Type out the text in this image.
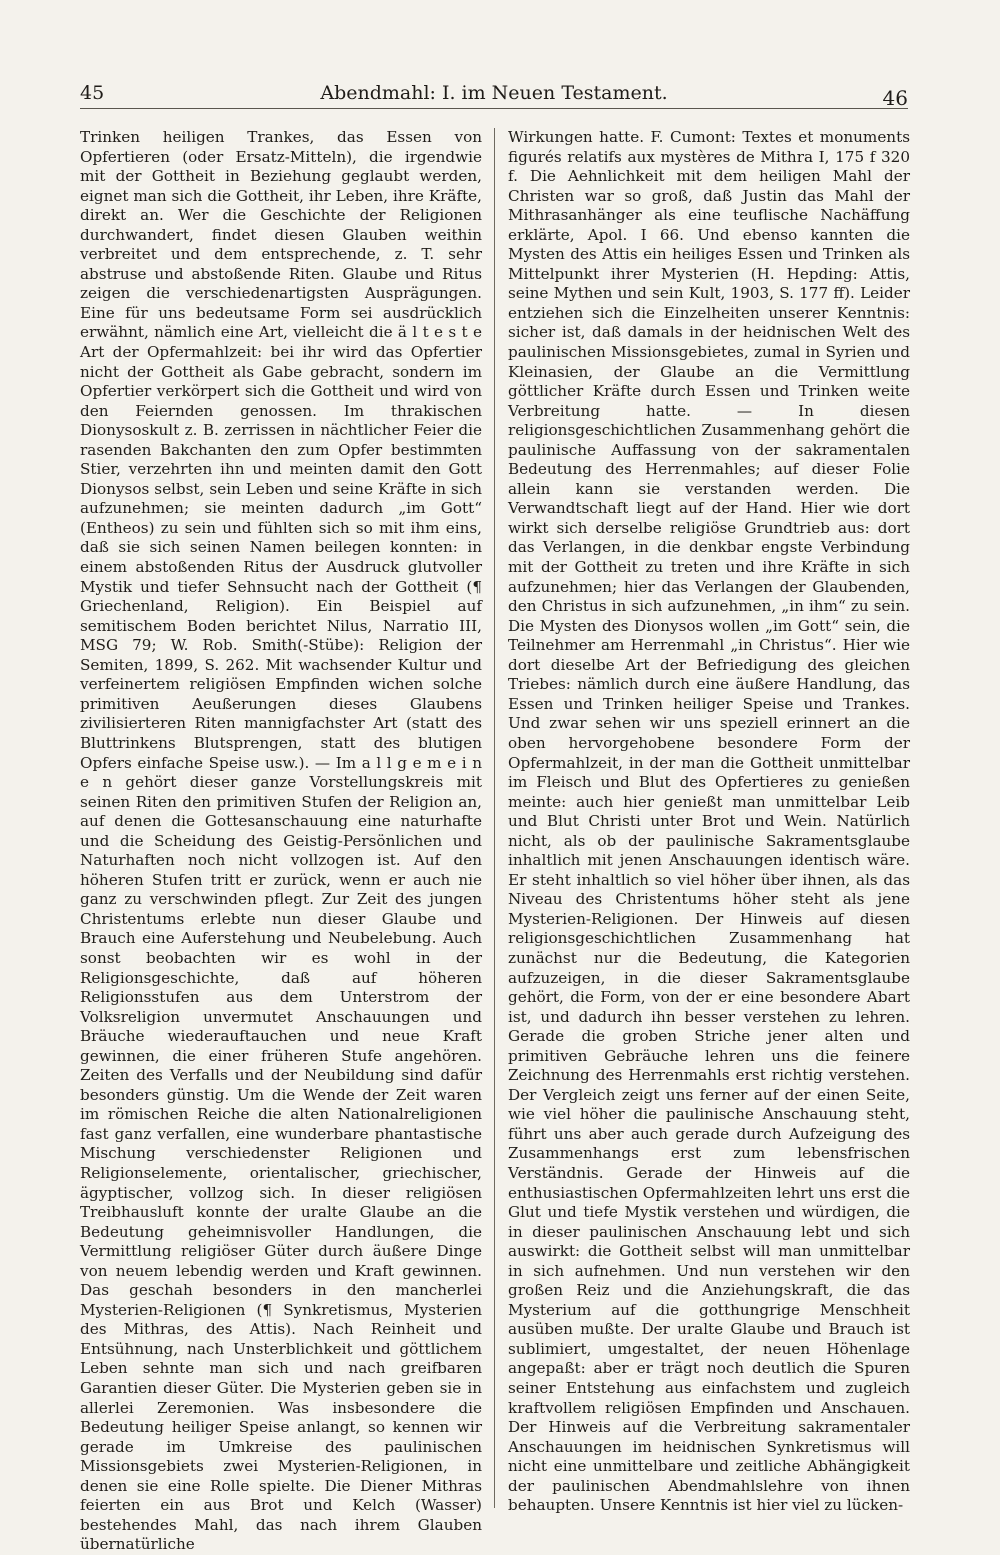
45	Abendmahl: I. im Neuen Testament.	46

Trinken heiligen Trankes, das Essen von Opfertieren (oder Ersatz-Mitteln), die irgendwie mit der Gottheit in Beziehung geglaubt werden, eignet man sich die Gottheit, ihr Leben, ihre Kräfte, direkt an. Wer die Geschichte der Religionen durchwandert, findet diesen Glauben weithin verbreitet und dem entsprechende, z. T. sehr abstruse und abstoßende Riten. Glaube und Ritus zeigen die verschiedenartigsten Ausprägungen. Eine für uns bedeutsame Form sei ausdrücklich erwähnt, nämlich eine Art, vielleicht die ä l t e s t e Art der Opfermahlzeit: bei ihr wird das Opfertier nicht der Gottheit als Gabe gebracht, sondern im Opfertier verkörpert sich die Gottheit und wird von den Feiernden genossen. Im thrakischen Dionysoskult z. B. zerrissen in nächtlicher Feier die rasenden Bakchanten den zum Opfer bestimmten Stier, verzehrten ihn und meinten damit den Gott Dionysos selbst, sein Leben und seine Kräfte in sich aufzunehmen; sie meinten dadurch „im Gott“ (Entheos) zu sein und fühlten sich so mit ihm eins, daß sie sich seinen Namen beilegen konnten: in einem abstoßenden Ritus der Ausdruck glutvoller Mystik und tiefer Sehnsucht nach der Gottheit (¶ Griechenland, Religion). Ein Beispiel auf semitischem Boden berichtet Nilus, Narratio III, MSG 79; W. Rob. Smith(-Stübe): Religion der Semiten, 1899, S. 262. Mit wachsender Kultur und verfeinertem religiösen Empfinden wichen solche primitiven Aeußerungen dieses Glaubens zivilisierteren Riten mannigfachster Art (statt des Bluttrinkens Blutsprengen, statt des blutigen Opfers einfache Speise usw.). — Im a l l g e m e i n e n gehört dieser ganze Vorstellungskreis mit seinen Riten den primitiven Stufen der Religion an, auf denen die Gottesanschauung eine naturhafte und die Scheidung des Geistig-Persönlichen und Naturhaften noch nicht vollzogen ist. Auf den höheren Stufen tritt er zurück, wenn er auch nie ganz zu verschwinden pflegt. Zur Zeit des jungen Christentums erlebte nun dieser Glaube und Brauch eine Auferstehung und Neubelebung. Auch sonst beobachten wir es wohl in der Religionsgeschichte, daß auf höheren Religionsstufen aus dem Unterstrom der Volksreligion unvermutet Anschauungen und Bräuche wiederauftauchen und neue Kraft gewinnen, die einer früheren Stufe angehören. Zeiten des Verfalls und der Neubildung sind dafür besonders günstig. Um die Wende der Zeit waren im römischen Reiche die alten Nationalreligionen fast ganz verfallen, eine wunderbare phantastische Mischung verschiedenster Religionen und Religionselemente, orientalischer, griechischer, ägyptischer, vollzog sich. In dieser religiösen Treibhausluft konnte der uralte Glaube an die Bedeutung geheimnisvoller Handlungen, die Vermittlung religiöser Güter durch äußere Dinge von neuem lebendig werden und Kraft gewinnen. Das geschah besonders in den mancherlei Mysterien-Religionen (¶ Synkretismus, Mysterien des Mithras, des Attis). Nach Reinheit und Entsühnung, nach Unsterblichkeit und göttlichem Leben sehnte man sich und nach greifbaren Garantien dieser Güter. Die Mysterien geben sie in allerlei Zeremonien. Was insbesondere die Bedeutung heiliger Speise anlangt, so kennen wir gerade im Umkreise des paulinischen Missionsgebiets zwei Mysterien-Religionen, in denen sie eine Rolle spielte. Die Diener Mithras feierten ein aus Brot und Kelch (Wasser) bestehendes Mahl, das nach ihrem Glauben übernatürliche

Wirkungen hatte. F. Cumont: Textes et monuments figurés relatifs aux mystères de Mithra I, 175 f 320 f. Die Aehnlichkeit mit dem heiligen Mahl der Christen war so groß, daß Justin das Mahl der Mithrasanhänger als eine teuflische Nachäffung erklärte, Apol. I 66. Und ebenso kannten die Mysten des Attis ein heiliges Essen und Trinken als Mittelpunkt ihrer Mysterien (H. Hepding: Attis, seine Mythen und sein Kult, 1903, S. 177 ff). Leider entziehen sich die Einzelheiten unserer Kenntnis: sicher ist, daß damals in der heidnischen Welt des paulinischen Missionsgebietes, zumal in Syrien und Kleinasien, der Glaube an die Vermittlung göttlicher Kräfte durch Essen und Trinken weite Verbreitung hatte. — In diesen religionsgeschichtlichen Zusammenhang gehört die paulinische Auffassung von der sakramentalen Bedeutung des Herrenmahles; auf dieser Folie allein kann sie verstanden werden. Die Verwandtschaft liegt auf der Hand. Hier wie dort wirkt sich derselbe religiöse Grundtrieb aus: dort das Verlangen, in die denkbar engste Verbindung mit der Gottheit zu treten und ihre Kräfte in sich aufzunehmen; hier das Verlangen der Glaubenden, den Christus in sich aufzunehmen, „in ihm“ zu sein. Die Mysten des Dionysos wollen „im Gott“ sein, die Teilnehmer am Herrenmahl „in Christus“. Hier wie dort dieselbe Art der Befriedigung des gleichen Triebes: nämlich durch eine äußere Handlung, das Essen und Trinken heiliger Speise und Trankes. Und zwar sehen wir uns speziell erinnert an die oben hervorgehobene besondere Form der Opfermahlzeit, in der man die Gottheit unmittelbar im Fleisch und Blut des Opfertieres zu genießen meinte: auch hier genießt man unmittelbar Leib und Blut Christi unter Brot und Wein. Natürlich nicht, als ob der paulinische Sakramentsglaube inhaltlich mit jenen Anschauungen identisch wäre. Er steht inhaltlich so viel höher über ihnen, als das Niveau des Christentums höher steht als jene Mysterien-Religionen. Der Hinweis auf diesen religionsgeschichtlichen Zusammenhang hat zunächst nur die Bedeutung, die Kategorien aufzuzeigen, in die dieser Sakramentsglaube gehört, die Form, von der er eine besondere Abart ist, und dadurch ihn besser verstehen zu lehren. Gerade die groben Striche jener alten und primitiven Gebräuche lehren uns die feinere Zeichnung des Herrenmahls erst richtig verstehen. Der Vergleich zeigt uns ferner auf der einen Seite, wie viel höher die paulinische Anschauung steht, führt uns aber auch gerade durch Aufzeigung des Zusammenhangs erst zum lebensfrischen Verständnis. Gerade der Hinweis auf die enthusiastischen Opfermahlzeiten lehrt uns erst die Glut und tiefe Mystik verstehen und würdigen, die in dieser paulinischen Anschauung lebt und sich auswirkt: die Gottheit selbst will man unmittelbar in sich aufnehmen. Und nun verstehen wir den großen Reiz und die Anziehungskraft, die das Mysterium auf die gotthungrige Menschheit ausüben mußte. Der uralte Glaube und Brauch ist sublimiert, umgestaltet, der neuen Höhenlage angepaßt: aber er trägt noch deutlich die Spuren seiner Entstehung aus einfachstem und zugleich kraftvollem religiösen Empfinden und Anschauen. Der Hinweis auf die Verbreitung sakramentaler Anschauungen im heidnischen Synkretismus will nicht eine unmittelbare und zeitliche Abhängigkeit der paulinischen Abendmahlslehre von ihnen behaupten. Unsere Kenntnis ist hier viel zu lücken-
